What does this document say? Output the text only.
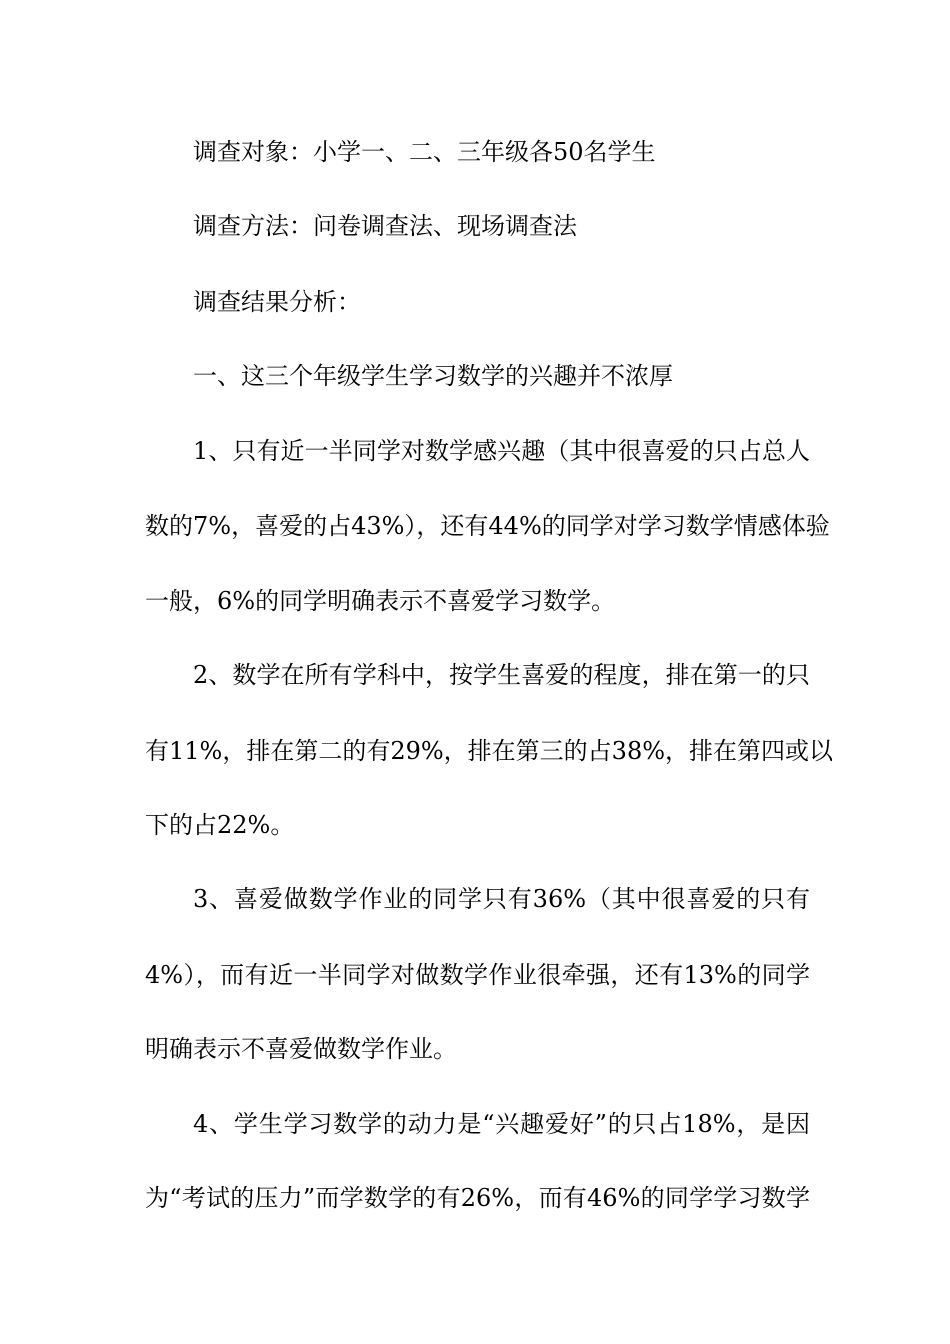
调查对象：小学一、二、三年级各50名学生
调查方法：问卷调查法、现场调查法
调查结果分析：
一、这三个年级学生学习数学的兴趣并不浓厚
1、只有近一半同学对数学感兴趣（其中很喜爱的只占总人
数的7%，喜爱的占43%），还有44%的同学对学习数学情感体验
一般，6%的同学明确表示不喜爱学习数学。
2、数学在所有学科中，按学生喜爱的程度，排在第一的只
有11%，排在第二的有29%，排在第三的占38%，排在第四或以
下的占22%。
3、喜爱做数学作业的同学只有36%（其中很喜爱的只有
4%），而有近一半同学对做数学作业很牵强，还有13%的同学
明确表示不喜爱做数学作业。
4、学生学习数学的动力是“兴趣爱好”的只占18%，是因
为“考试的压力”而学数学的有26%，而有46%的同学学习数学
